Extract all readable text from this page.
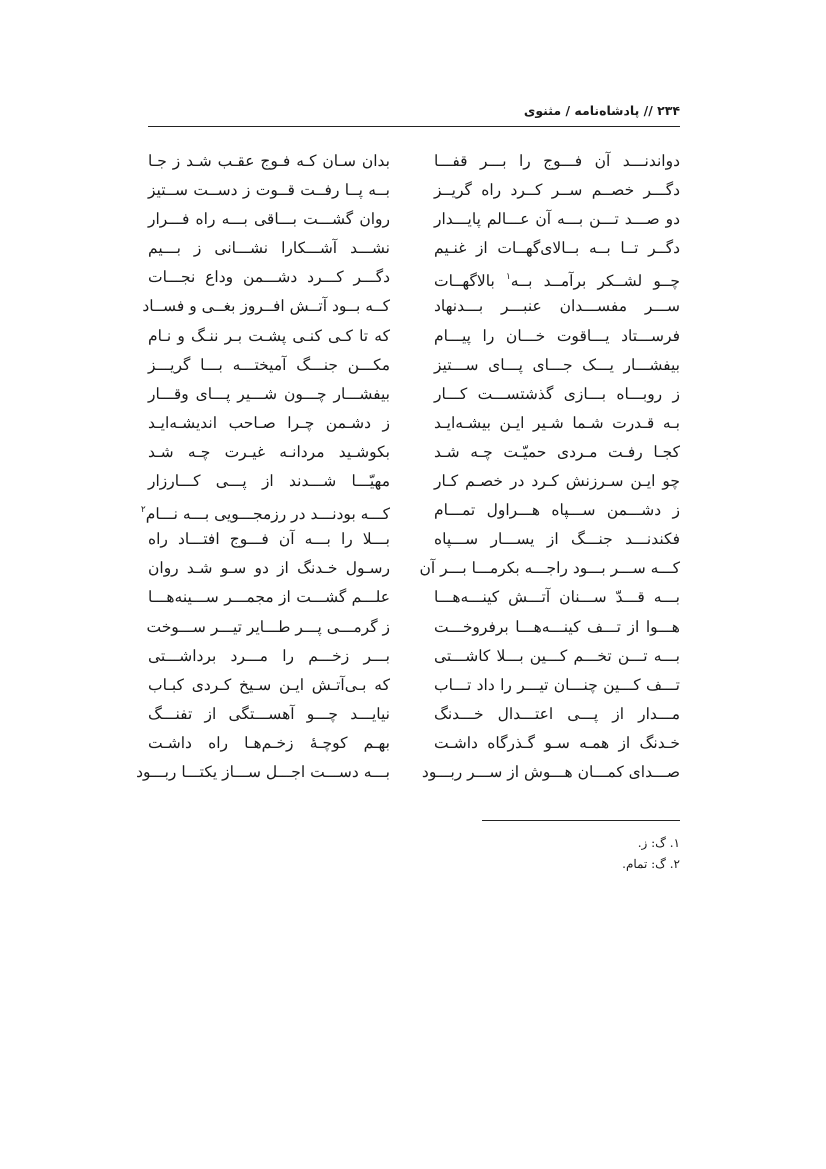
۲۳۴ // پادشاه‌نامه / مثنوی
دواندنـــد آن فـــوج را بـــر قفـــا
بدان سـان کـه فـوج عقـب شـد ز جـا
دگـــر خصــم ســر کــرد راه گریــز
بــه پــا رفــت قــوت ز دســت ســتیز
دو صـــد تـــن بـــه آن عـــالم پایـــدار
روان گشـــت بـــاقی بـــه راه فـــرار
دگــر تــا بــه بــالای‌گهــات از غنـیم
نشـــد آشـــکارا نشـــانی ز بـــیم
چــو لشــکر برآمــد بــه$^۱$ بالاگهــات
دگـــر کـــرد دشـــمن وداع نجـــات
ســـر مفســـدان عنبـــر بـــدنهاد
کــه بــود آتــش افــروز بغــی و فســاد
فرســـتاد یـــاقوت خـــان را پیـــام
که تا کـی کنـی پشـت بـر ننـگ و نـام
بیفشـــار یـــک جـــای پـــای ســـتیز
مکـــن جنـــگ آمیختـــه بـــا گریـــز
ز روبـــاه بـــازی گذشتســـت کـــار
بیفشـــار چـــون شـــیر پـــای وقـــار
بـه قـدرت شـما شـیر ایـن بیشـه‌ایـد
ز دشـمن چـرا صـاحب اندیشـه‌ایـد
کجـا رفـت مـردی حمیّـت چـه شـد
بکوشـید مردانـه غیـرت چـه شـد
چو ایـن سـرزنش کـرد در خصـم کـار
مهیّـــا شـــدند از پـــی کـــارزار
ز دشـــمن ســـپاه هـــراول تمـــام
کـــه بودنـــد در رزمجـــویی بـــه نـــام$^۲$
فکندنـــد جنـــگ از یســـار ســـپاه
بـــلا را بـــه آن فـــوج افتـــاد راه
کـــه ســـر بـــود راجـــه بکرمـــا بـــر آن
رسـول خـدنگ از دو سـو شـد روان
بـــه قـــدّ ســـنان آتـــش کینـــه‌هـــا
علـــم گشـــت از مجمـــر ســـینه‌هـــا
هـــوا از تـــف کینـــه‌هـــا برفروخـــت
ز گرمـــی پـــر طـــایر تیـــر ســـوخت
بـــه تـــن تخـــم کـــین بـــلا کاشـــتی
بـــر زخـــم را مـــرد برداشـــتی
تـــف کـــین چنـــان تیـــر را داد تـــاب
که بـی‌آتـش ایـن سـیخ کـردی کبـاب
مـــدار از پـــی اعتـــدال خـــدنگ
نیایـــد چـــو آهســـتگی از تفنـــگ
خـدنگ از همـه سـو گـذرگاه داشـت
بهـم کوچـهٔ زخـم‌هـا راه داشـت
صـــدای کمـــان هـــوش از ســـر ربـــود
بـــه دســـت اجـــل ســـاز یکتـــا ربـــود
۱. گ: ز.
۲. گ: تمام.
